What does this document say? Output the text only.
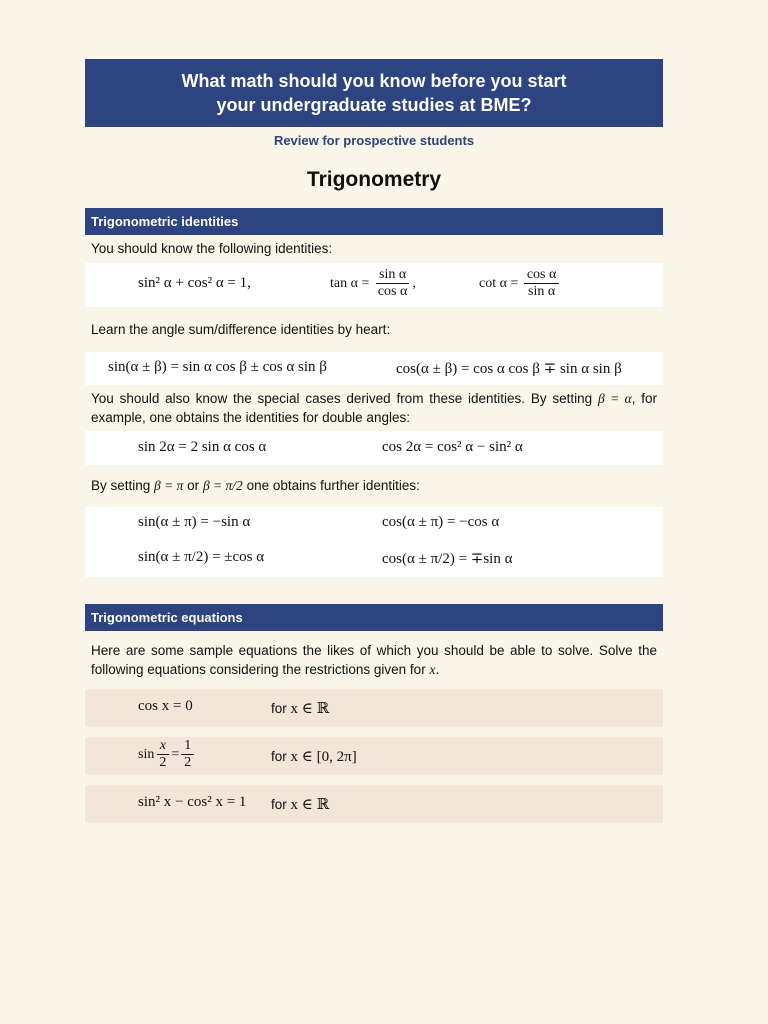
What math should you know before you start
your undergraduate studies at BME?
Review for prospective students
Trigonometry
Trigonometric identities
You should know the following identities:
sin² α + cos² α = 1,	$\tan \alpha = \frac{\text{sin α}}{\text{cos α}}$ ,	$\cot \alpha = \frac{\text{cos α}}{\text{sin α}}$
Learn the angle sum/difference identities by heart:
sin(α ± β) = sin α cos β ± cos α sin β	cos(α ± β) = cos α cos β ∓ sin α sin β
You should also know the special cases derived from these identities. By setting β = α, for example, one obtains the identities for double angles:
sin 2α = 2 sin α cos α	cos 2α = cos² α − sin² α
By setting β = π or β = π/2 one obtains further identities:
sin(α ± π) = −sin α	cos(α ± π) = −cos α
sin(α ± π/2) = ±cos α	cos(α ± π/2) = ∓sin α
Trigonometric equations
Here are some sample equations the likes of which you should be able to solve. Solve the following equations considering the restrictions given for x.
cos x = 0	for x ∈ ℝ
$\sin \frac{x}{2} = \frac{1}{2}$	for x ∈ [0, 2π]
sin² x − cos² x = 1 for x ∈ ℝ
